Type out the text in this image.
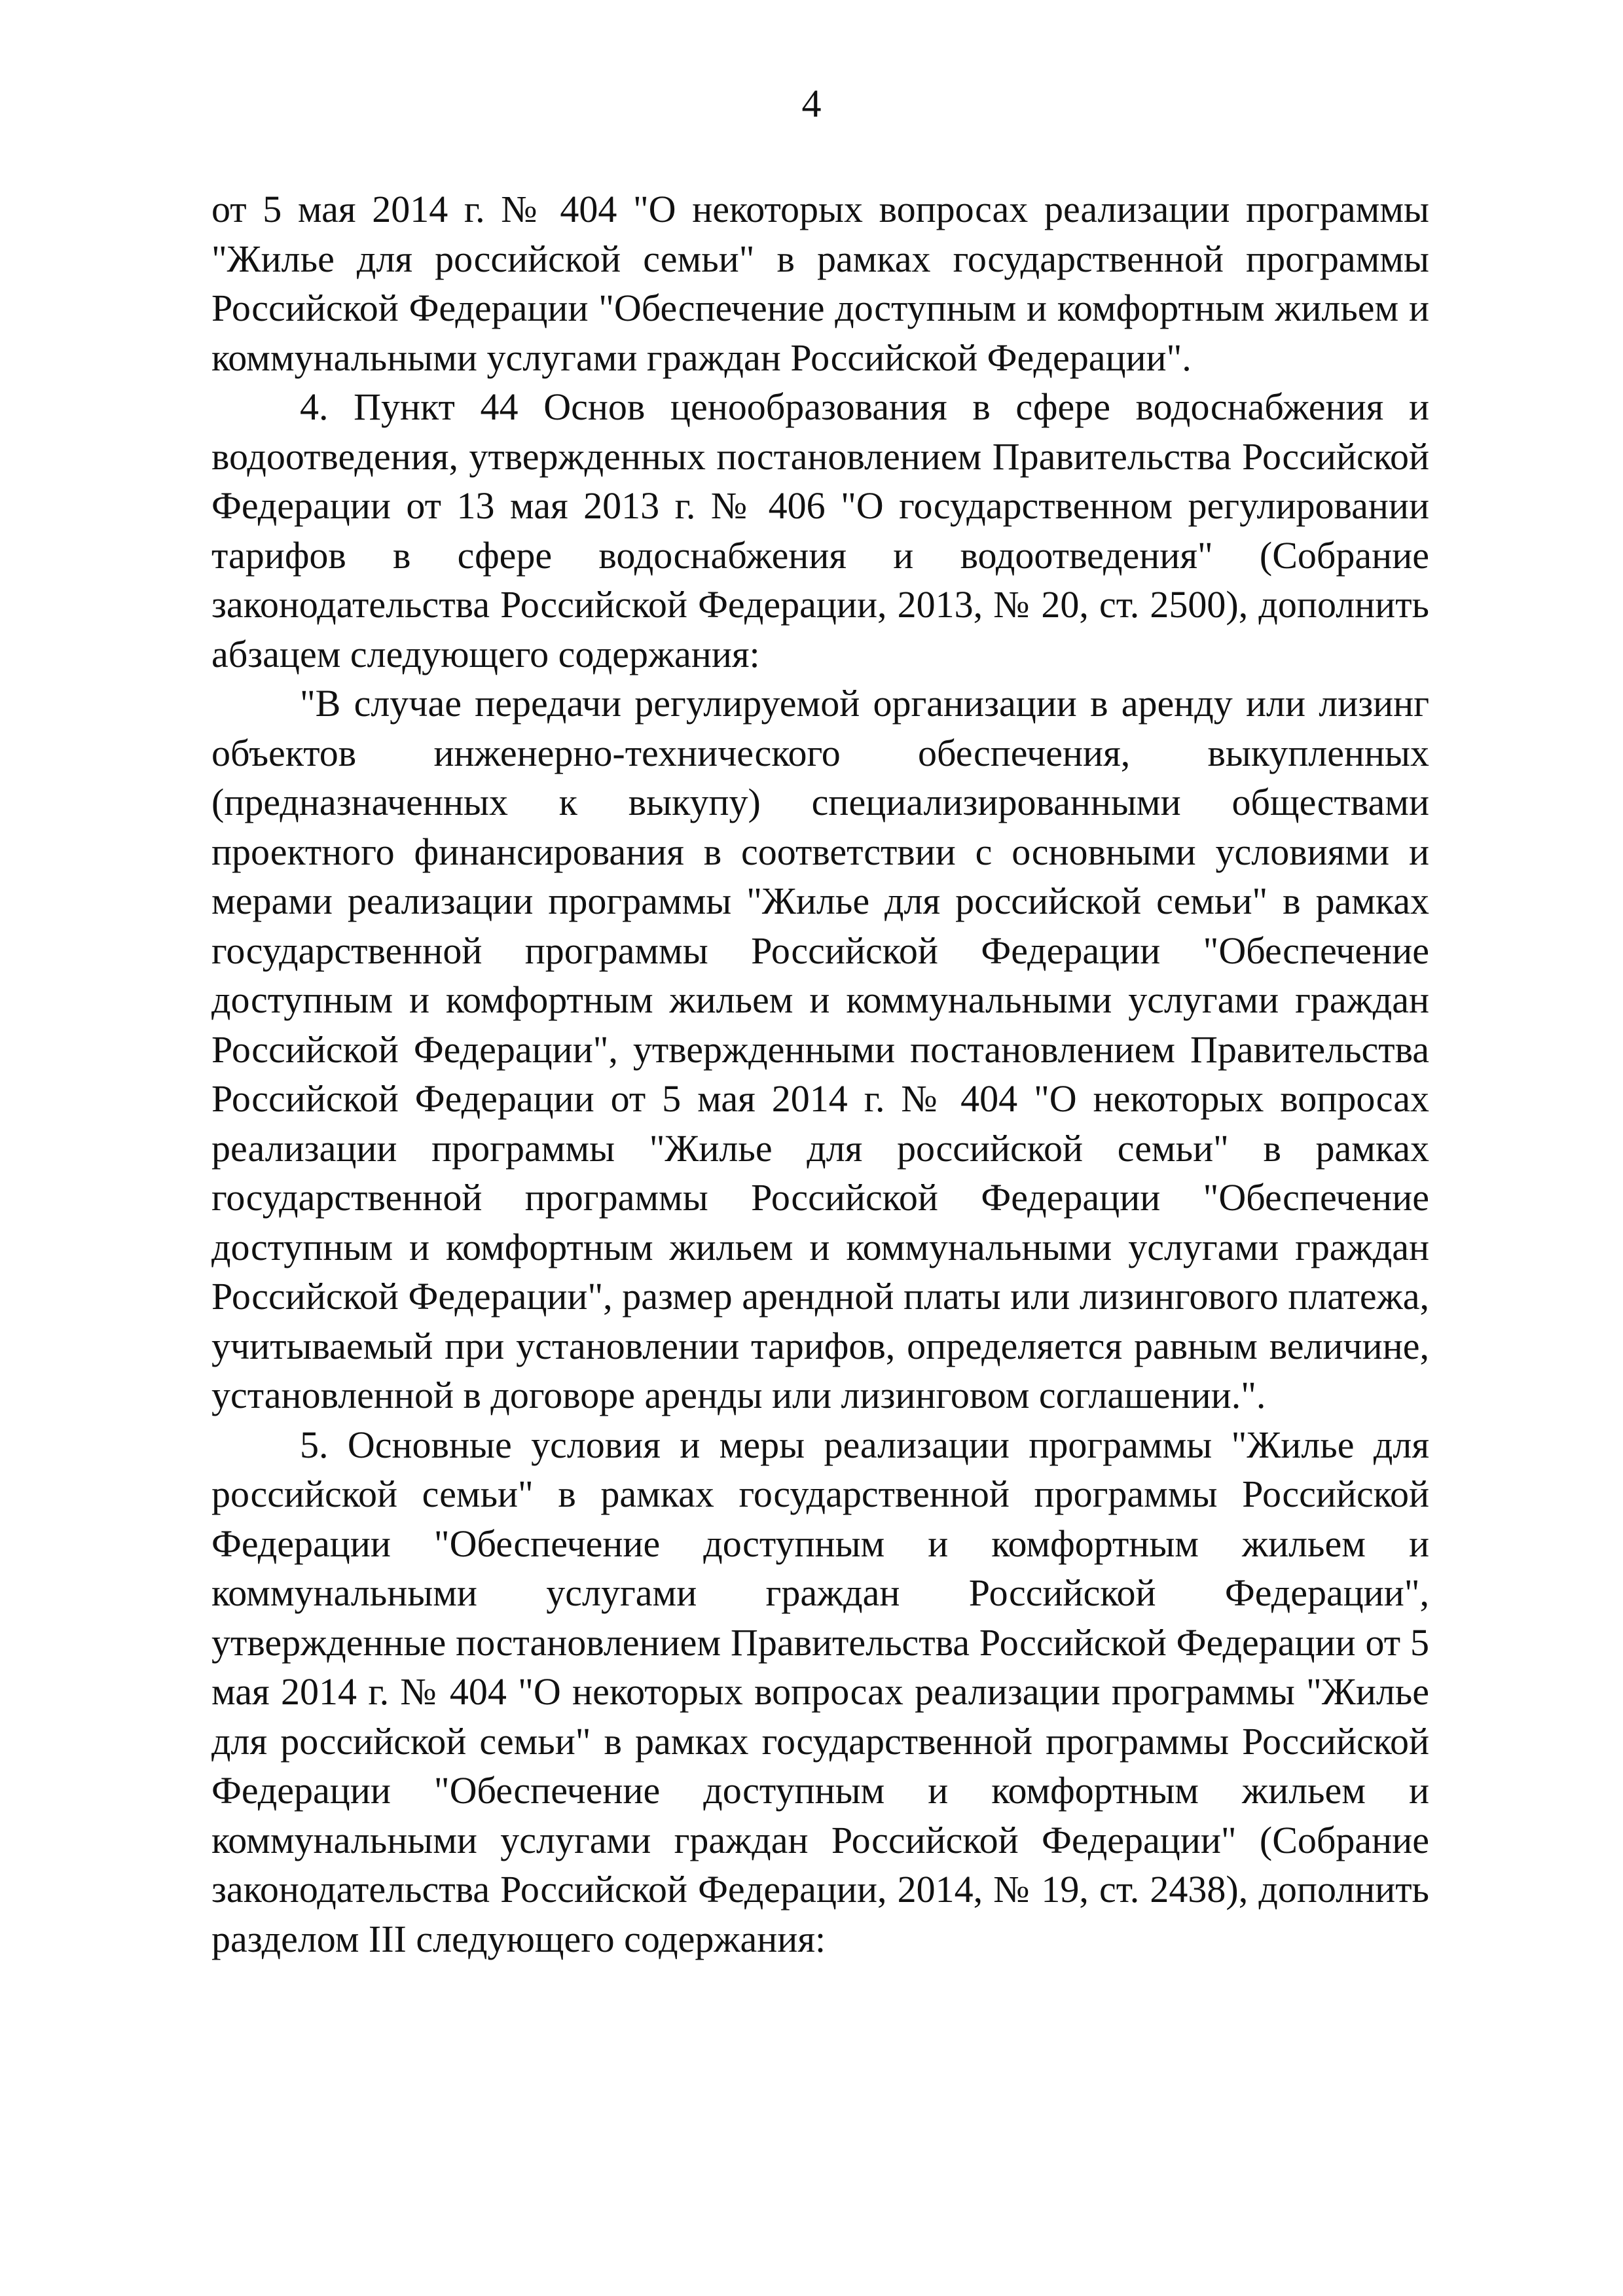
4

от 5 мая 2014 г. № 404 "О некоторых вопросах реализации программы "Жилье для российской семьи" в рамках государственной программы Российской Федерации "Обеспечение доступным и комфортным жильем и коммунальными услугами граждан Российской Федерации".

4. Пункт 44 Основ ценообразования в сфере водоснабжения и водоотведения, утвержденных постановлением Правительства Российской Федерации от 13 мая 2013 г. № 406 "О государственном регулировании тарифов в сфере водоснабжения и водоотведения" (Собрание законодательства Российской Федерации, 2013, № 20, ст. 2500), дополнить абзацем следующего содержания:

"В случае передачи регулируемой организации в аренду или лизинг объектов инженерно-технического обеспечения, выкупленных (предназначенных к выкупу) специализированными обществами проектного финансирования в соответствии с основными условиями и мерами реализации программы "Жилье для российской семьи" в рамках государственной программы Российской Федерации "Обеспечение доступным и комфортным жильем и коммунальными услугами граждан Российской Федерации", утвержденными постановлением Правительства Российской Федерации от 5 мая 2014 г. № 404 "О некоторых вопросах реализации программы "Жилье для российской семьи" в рамках государственной программы Российской Федерации "Обеспечение доступным и комфортным жильем и коммунальными услугами граждан Российской Федерации", размер арендной платы или лизингового платежа, учитываемый при установлении тарифов, определяется равным величине, установленной в договоре аренды или лизинговом соглашении.".

5. Основные условия и меры реализации программы "Жилье для российской семьи" в рамках государственной программы Российской Федерации "Обеспечение доступным и комфортным жильем и коммунальными услугами граждан Российской Федерации", утвержденные постановлением Правительства Российской Федерации от 5 мая 2014 г. № 404 "О некоторых вопросах реализации программы "Жилье для российской семьи" в рамках государственной программы Российской Федерации "Обеспечение доступным и комфортным жильем и коммунальными услугами граждан Российской Федерации" (Собрание законодательства Российской Федерации, 2014, № 19, ст. 2438), дополнить разделом III следующего содержания:
